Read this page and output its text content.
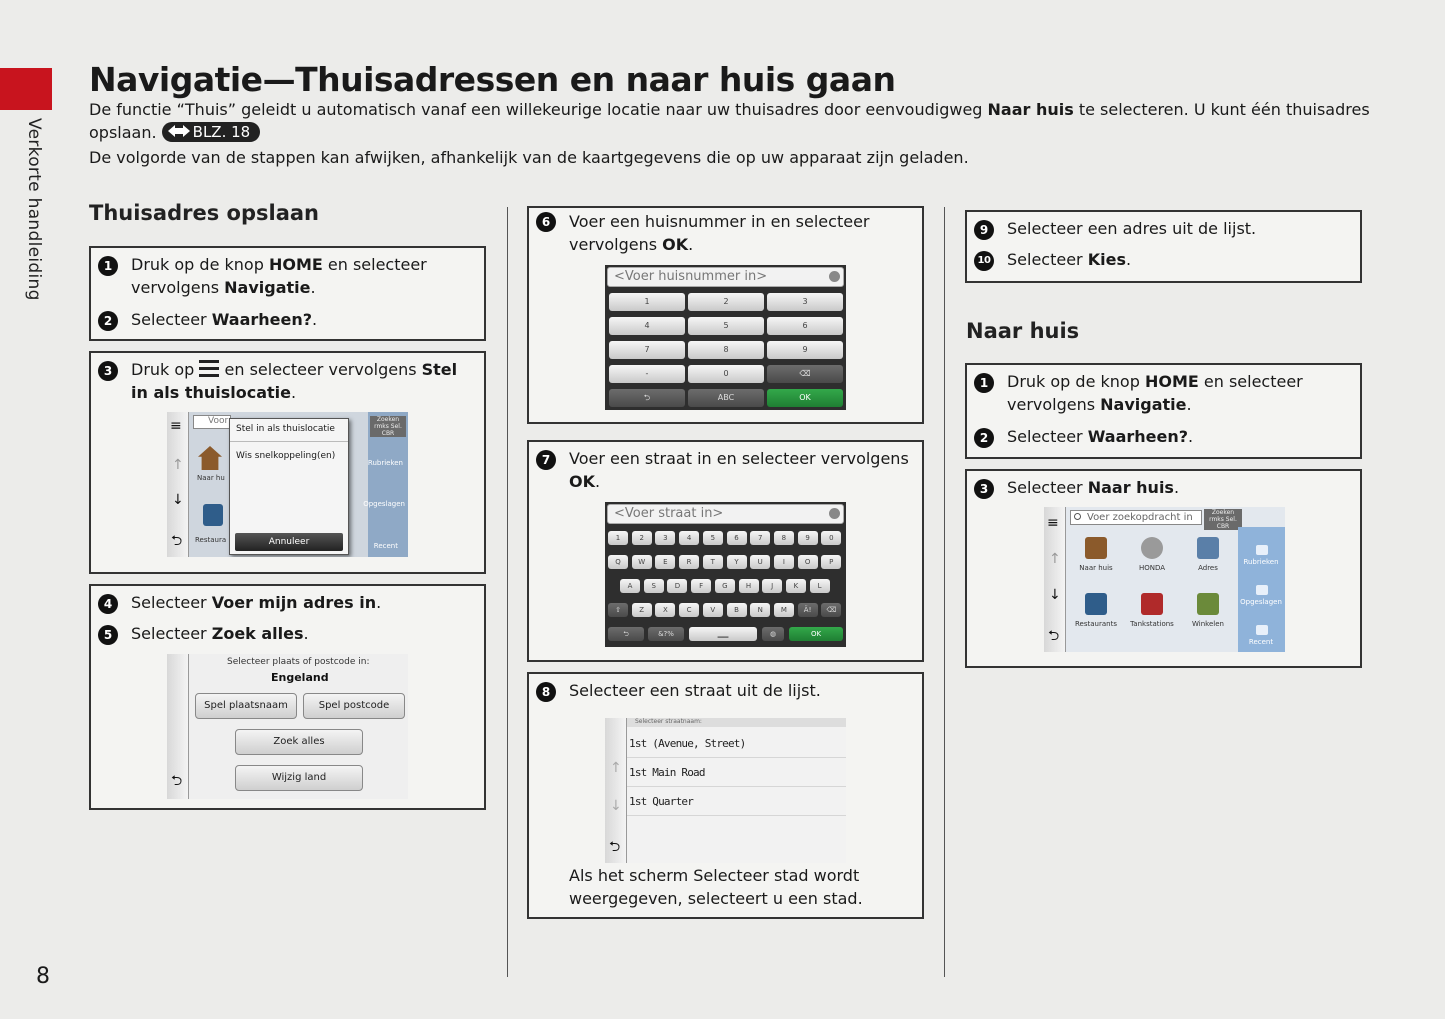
Verkorte handleiding
8
Navigatie—Thuisadressen en naar huis gaan
De functie “Thuis” geleidt u automatisch vanaf een willekeurige locatie naar uw thuisadres door eenvoudigweg Naar huis te selecteren. U kunt één thuisadres opslaan. BLZ. 18
De volgorde van de stappen kan afwijken, afhankelijk van de kaartgegevens die op uw apparaat zijn geladen.
Thuisadres opslaan
1	Druk op de knop HOME en selecteer vervolgens Navigatie.
2	Selecteer Waarheen?.
3	Druk op  en selecteer vervolgens Stel in als thuislocatie.
≡
↑
↓
⮌
Voor
Naar hu
Restaura
Zoeken rmks Sel. CBR
Rubrieken
Opgeslagen
Recent
Stel in als thuislocatie
Wis snelkoppeling(en)
Annuleer
4	Selecteer Voer mijn adres in.
5	Selecteer Zoek alles.
⮌
Selecteer plaats of postcode in:
Engeland
Spel plaatsnaam	Spel postcode
Zoek alles
Wijzig land
6	Voer een huisnummer in en selecteer vervolgens OK.
<Voer huisnummer in>
1	2	3
4	5	6
7	8	9
-	0	⌫
⮌	ABC	OK
7	Voer een straat in en selecteer vervolgens OK.
<Voer straat in>
1	2	3	4	5	6	7	8	9	0
Q	W	E	R	T	Y	U	I	O	P
A	S	D	F	G	H	J	K	L
⇧	Z	X	C	V	B	N	M	Ä!	⌫
⮌	&?%	▁▁	◍	OK
8	Selecteer een straat uit de lijst.
↑
↓
⮌
Selecteer straatnaam:
1st (Avenue, Street)
1st Main Road
1st Quarter
Als het scherm Selecteer stad wordt weergegeven, selecteert u een stad.
9	Selecteer een adres uit de lijst.
10 Selecteer Kies.
Naar huis
1	Druk op de knop HOME en selecteer vervolgens Navigatie.
2	Selecteer Waarheen?.
3	Selecteer Naar huis.
≡
↑
↓
⮌
Voer zoekopdracht in	Zoeken rmks Sel. CBR
Naar huis	HONDA	Adres
Restaurants	Tankstations	Winkelen
Rubrieken
Opgeslagen
Recent
